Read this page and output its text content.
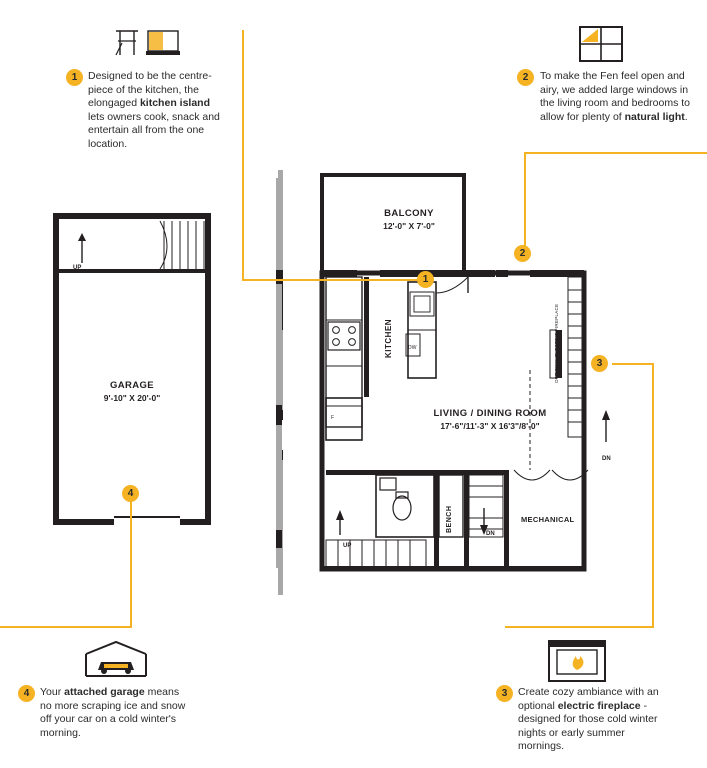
1	Designed to be the centre-piece of the kitchen, the elongaged kitchen island lets owners cook, snack and entertain all from the one location.
2	To make the Fen feel open and airy, we added large windows in the living room and bedrooms to allow for plenty of natural light.
3	Create cozy ambiance with an optional electric fireplace - designed for those cold winter nights or early summer mornings.
4	Your attached garage means no more scraping ice and snow off your car on a cold winter's morning.
4
UP
GARAGE
9'-10" X 20'-0"
BALCONY
12'-0" X 7'-0"
KITCHEN
LIVING / DINING ROOM
17'-6"/11'-3" X 16'3"/8'-0"
MECHANICAL
BENCH
OPTIONAL ELECTRIC FIREPLACE
DW
F
UP
DN
DN
1
2
3
